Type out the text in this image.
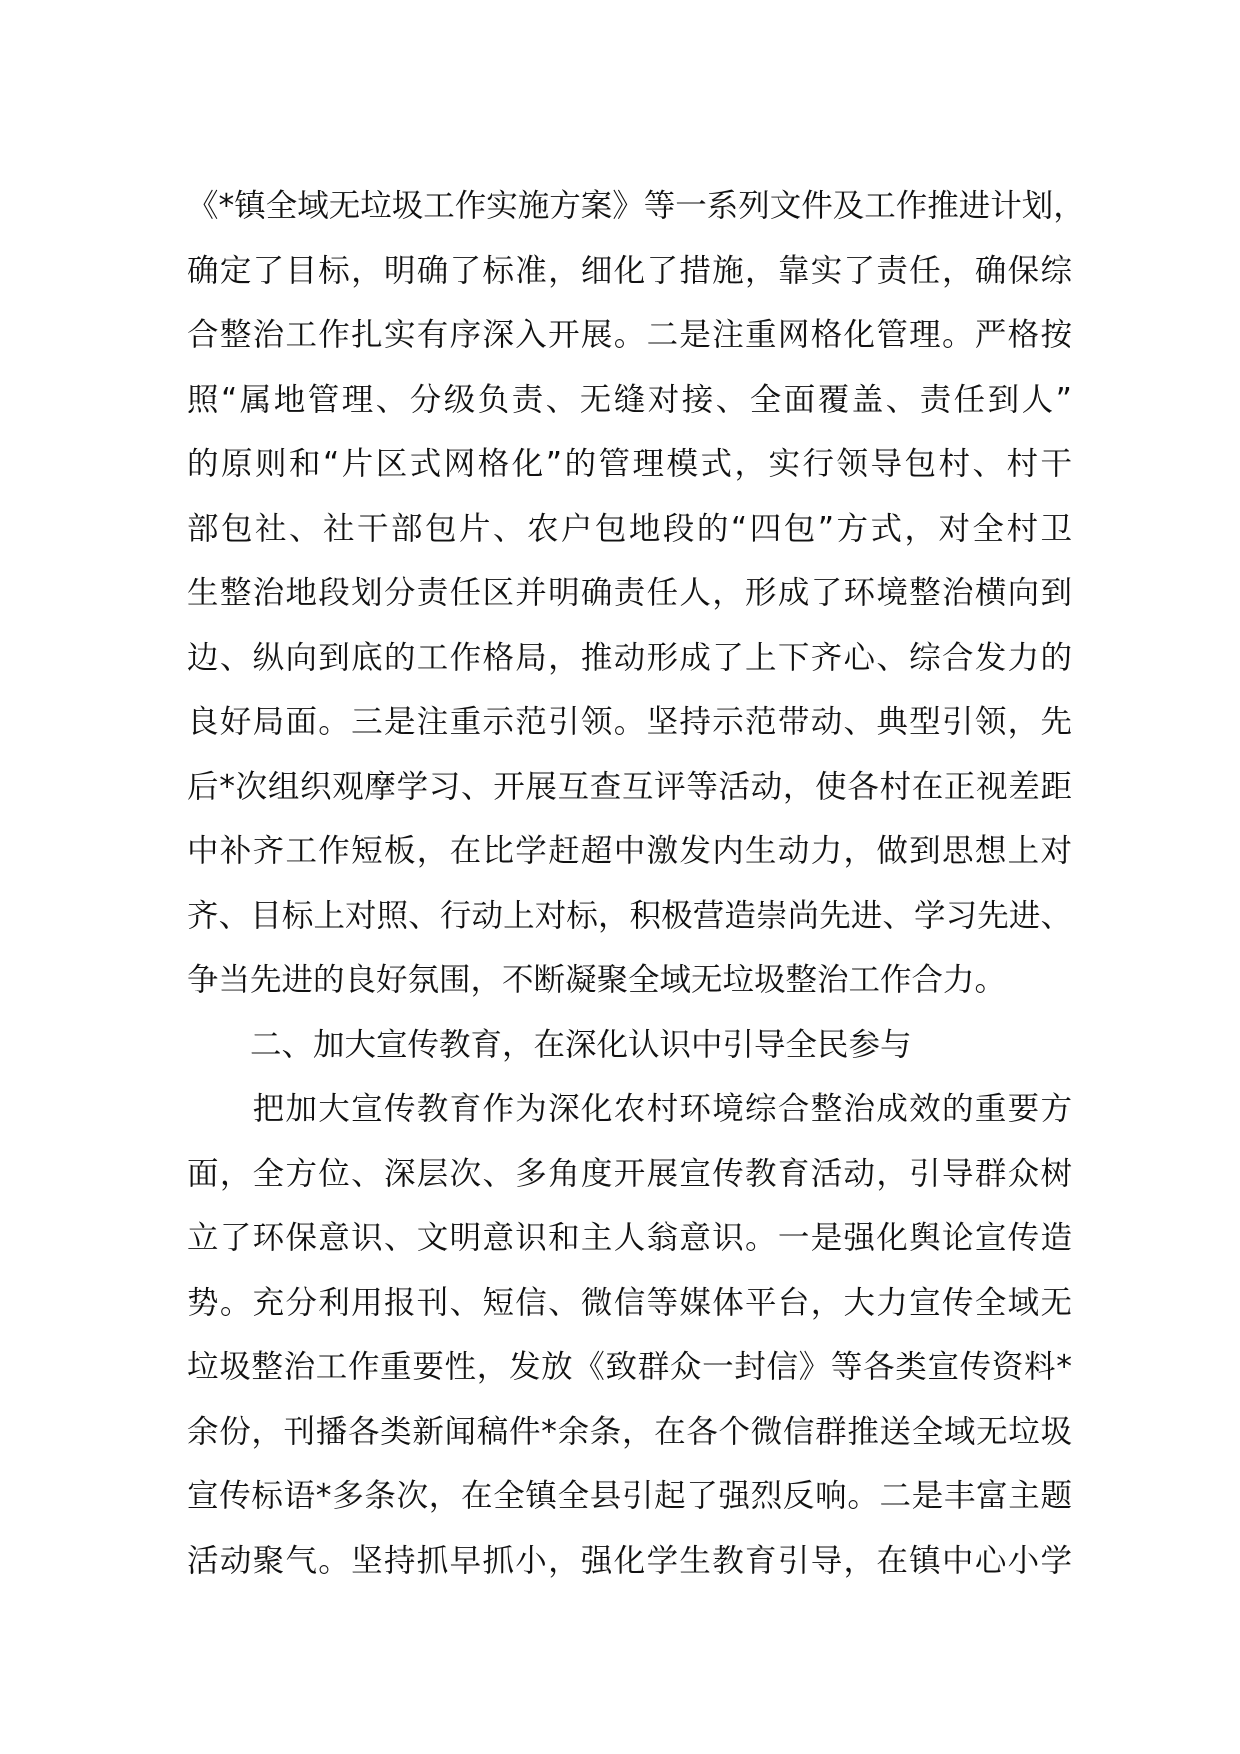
《*镇全域无垃圾工作实施方案》等一系列文件及工作推进计划，
确定了目标，明确了标准，细化了措施，靠实了责任，确保综
合整治工作扎实有序深入开展。二是注重网格化管理。严格按
照“属地管理、分级负责、无缝对接、全面覆盖、责任到人”
的原则和“片区式网格化”的管理模式，实行领导包村、村干
部包社、社干部包片、农户包地段的“四包”方式，对全村卫
生整治地段划分责任区并明确责任人，形成了环境整治横向到
边、纵向到底的工作格局，推动形成了上下齐心、综合发力的
良好局面。三是注重示范引领。坚持示范带动、典型引领，先
后*次组织观摩学习、开展互查互评等活动，使各村在正视差距
中补齐工作短板，在比学赶超中激发内生动力，做到思想上对
齐、目标上对照、行动上对标，积极营造崇尚先进、学习先进、
争当先进的良好氛围，不断凝聚全域无垃圾整治工作合力。
　　二、加大宣传教育，在深化认识中引导全民参与
　　把加大宣传教育作为深化农村环境综合整治成效的重要方
面，全方位、深层次、多角度开展宣传教育活动，引导群众树
立了环保意识、文明意识和主人翁意识。一是强化舆论宣传造
势。充分利用报刊、短信、微信等媒体平台，大力宣传全域无
垃圾整治工作重要性，发放《致群众一封信》等各类宣传资料*
余份，刊播各类新闻稿件*余条，在各个微信群推送全域无垃圾
宣传标语*多条次，在全镇全县引起了强烈反响。二是丰富主题
活动聚气。坚持抓早抓小，强化学生教育引导，在镇中心小学
